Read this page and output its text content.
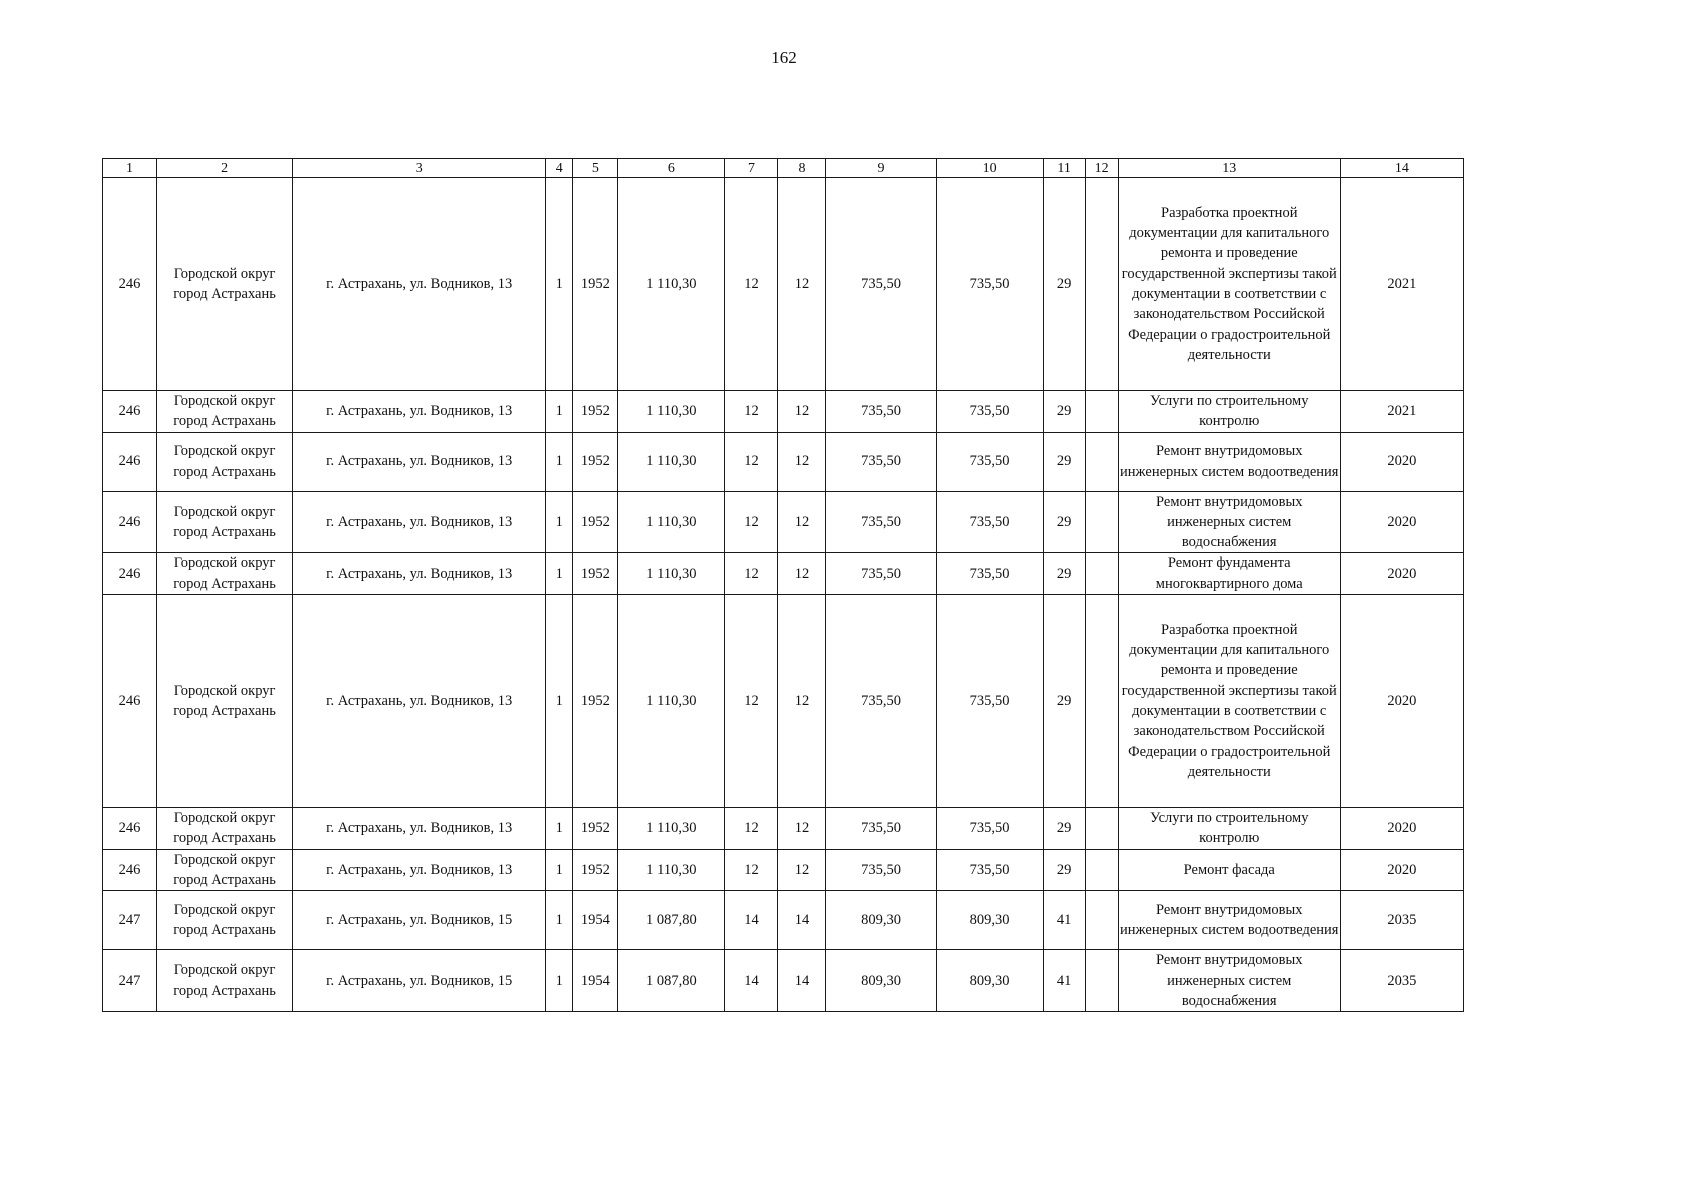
162
1	2	3	4	5	6	7	8	9	10	11	12	13	14
246	Городской округ город Астрахань	г. Астрахань, ул. Водников, 13	1	1952	1 110,30	12	12	735,50	735,50	29		Разработка проектной документации для капитального ремонта и проведение государственной экспертизы такой документации в соответствии с законодательством Российской Федерации о градостроительной деятельности	2021
246	Городской округ город Астрахань	г. Астрахань, ул. Водников, 13	1	1952	1 110,30	12	12	735,50	735,50	29		Услуги по строительному контролю	2021
246	Городской округ город Астрахань	г. Астрахань, ул. Водников, 13	1	1952	1 110,30	12	12	735,50	735,50	29		Ремонт внутридомовых инженерных систем водоотведения	2020
246	Городской округ город Астрахань	г. Астрахань, ул. Водников, 13	1	1952	1 110,30	12	12	735,50	735,50	29		Ремонт внутридомовых инженерных систем водоснабжения	2020
246	Городской округ город Астрахань	г. Астрахань, ул. Водников, 13	1	1952	1 110,30	12	12	735,50	735,50	29		Ремонт фундамента многоквартирного дома	2020
246	Городской округ город Астрахань	г. Астрахань, ул. Водников, 13	1	1952	1 110,30	12	12	735,50	735,50	29		Разработка проектной документации для капитального ремонта и проведение государственной экспертизы такой документации в соответствии с законодательством Российской Федерации о градостроительной деятельности	2020
246	Городской округ город Астрахань	г. Астрахань, ул. Водников, 13	1	1952	1 110,30	12	12	735,50	735,50	29		Услуги по строительному контролю	2020
246	Городской округ город Астрахань	г. Астрахань, ул. Водников, 13	1	1952	1 110,30	12	12	735,50	735,50	29		Ремонт фасада	2020
247	Городской округ город Астрахань	г. Астрахань, ул. Водников, 15	1	1954	1 087,80	14	14	809,30	809,30	41		Ремонт внутридомовых инженерных систем водоотведения	2035
247	Городской округ город Астрахань	г. Астрахань, ул. Водников, 15	1	1954	1 087,80	14	14	809,30	809,30	41		Ремонт внутридомовых инженерных систем водоснабжения	2035
